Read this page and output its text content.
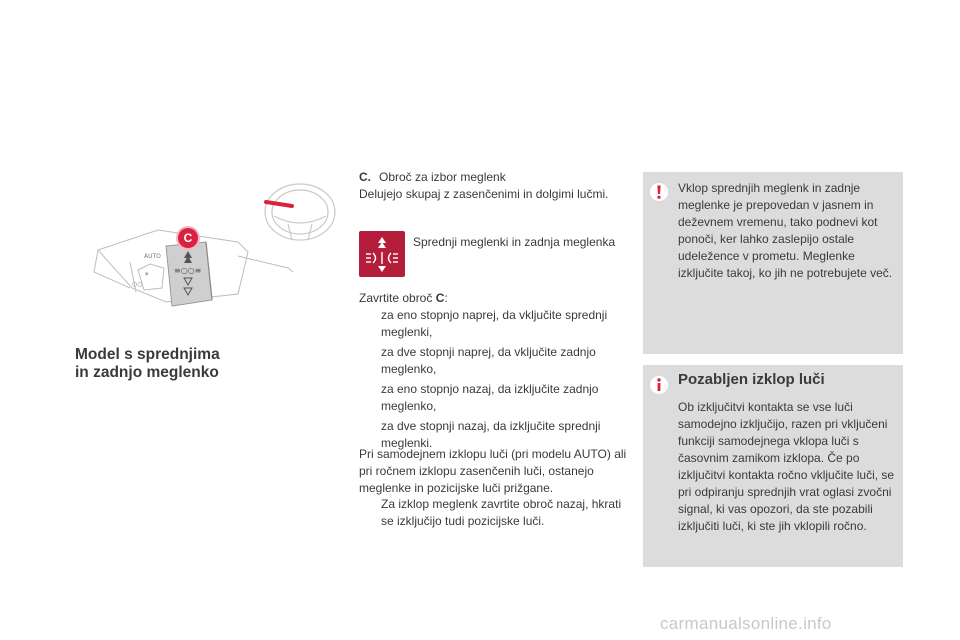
≡○○≡
AUTO
☀
○○
C
Model s sprednjima
in zadnjo meglenko
C. Obroč za izbor meglenk
Delujejo skupaj z zasenčenimi in dolgimi lučmi.
Sprednji meglenki in zadnja meglenka
Zavrtite obroč C:
za eno stopnjo naprej, da vključite sprednji meglenki,
za dve stopnji naprej, da vključite zadnjo meglenko,
za eno stopnjo nazaj, da izključite zadnjo meglenko,
za dve stopnji nazaj, da izključite sprednji meglenki.
Pri samodejnem izklopu luči (pri modelu AUTO) ali pri ročnem izklopu zasenčenih luči, ostanejo meglenke in pozicijske luči prižgane.
Za izklop meglenk zavrtite obroč nazaj, hkrati se izključijo tudi pozicijske luči.
Vklop sprednjih meglenk in zadnje meglenke je prepovedan v jasnem in deževnem vremenu, tako podnevi kot ponoči, ker lahko zaslepijo ostale udeležence v prometu. Meglenke izključite takoj, ko jih ne potrebujete več.
Pozabljen izklop luči
Ob izključitvi kontakta se vse luči samodejno izključijo, razen pri vključeni funkciji samodejnega vklopa luči s časovnim zamikom izklopa. Če po izključitvi kontakta ročno vključite luči, se pri odpiranju sprednjih vrat oglasi zvočni signal, ki vas opozori, da ste pozabili izključiti luči, ki ste jih vklopili ročno.
carmanualsonline.info
